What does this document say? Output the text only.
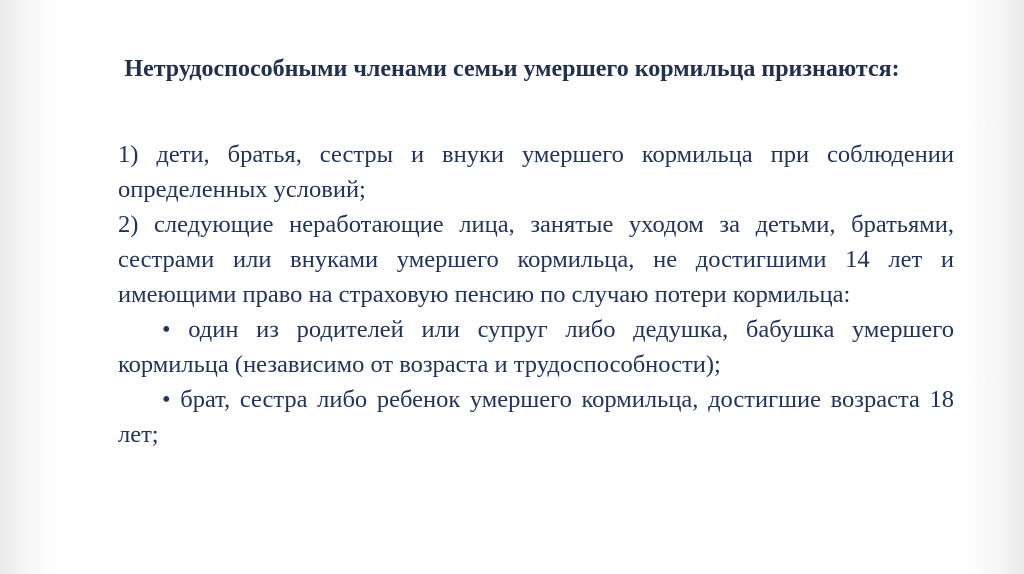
Нетрудоспособными членами семьи умершего кормильца признаются:

1) дети, братья, сестры и внуки умершего кормильца при соблюдении определенных условий;

2) следующие неработающие лица, занятые уходом за детьми, братьями, сестрами или внуками умершего кормильца, не достигшими 14 лет и имеющими право на страховую пенсию по случаю потери кормильца:

• один из родителей или супруг либо дедушка, бабушка умершего кормильца (независимо от возраста и трудоспособности);

• брат, сестра либо ребенок умершего кормильца, достигшие возраста 18 лет;
